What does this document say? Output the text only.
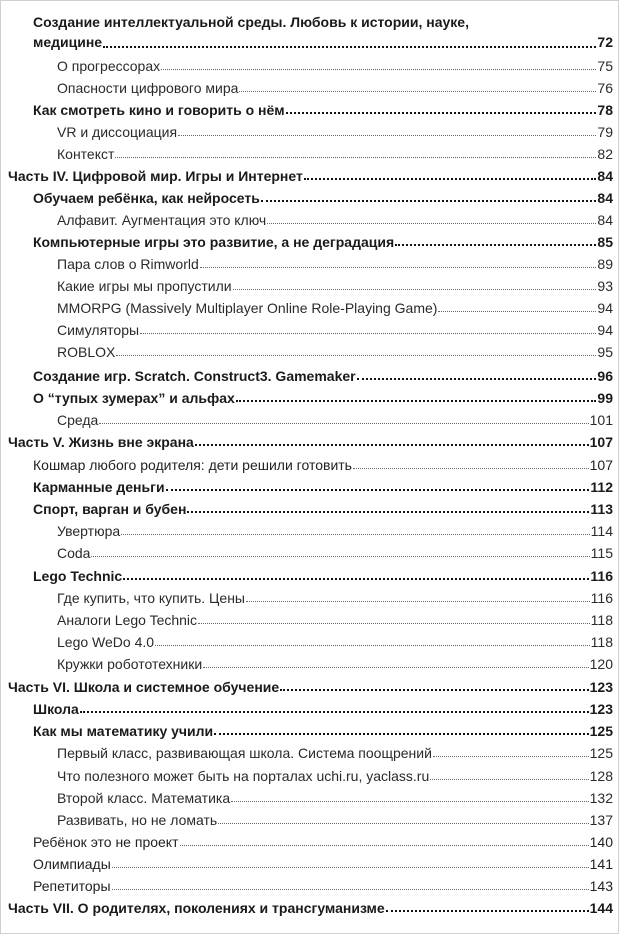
Создание интеллектуальной среды. Любовь к истории, науке,
медицине	72
О прогрессорах	75
Опасности цифрового мира	76
Как смотреть кино и говорить о нём	78
VR и диссоциация	79
Контекст	82
Часть IV. Цифровой мир. Игры и Интернет	84
Обучаем ребёнка, как нейросеть	84
Алфавит. Аугментация это ключ	84
Компьютерные игры это развитие, а не деградация	85
Пара слов о Rimworld	89
Какие игры мы пропустили	93
MMORPG (Massively Multiplayer Online Role-Playing Game)	94
Симуляторы	94
ROBLOX	95
Создание игр. Scratch. Construct3. Gamemaker	96
О “тупых зумерах” и альфах	99
Среда	101
Часть V. Жизнь вне экрана	107
Кошмар любого родителя: дети решили готовить	107
Карманные деньги	112
Спорт, варган и бубен	113
Увертюра	114
Coda	115
Lego Technic	116
Где купить, что купить. Цены	116
Аналоги Lego Technic	118
Lego WeDo 4.0	118
Кружки робототехники	120
Часть VI. Школа и системное обучение	123
Школа	123
Как мы математику учили	125
Первый класс, развивающая школа. Система поощрений	125
Что полезного может быть на порталах uchi.ru, yaclass.ru	128
Второй класс. Математика	132
Развивать, но не ломать	137
Ребёнок это не проект	140
Олимпиады	141
Репетиторы	143
Часть VII. О родителях, поколениях и трансгуманизме	144
